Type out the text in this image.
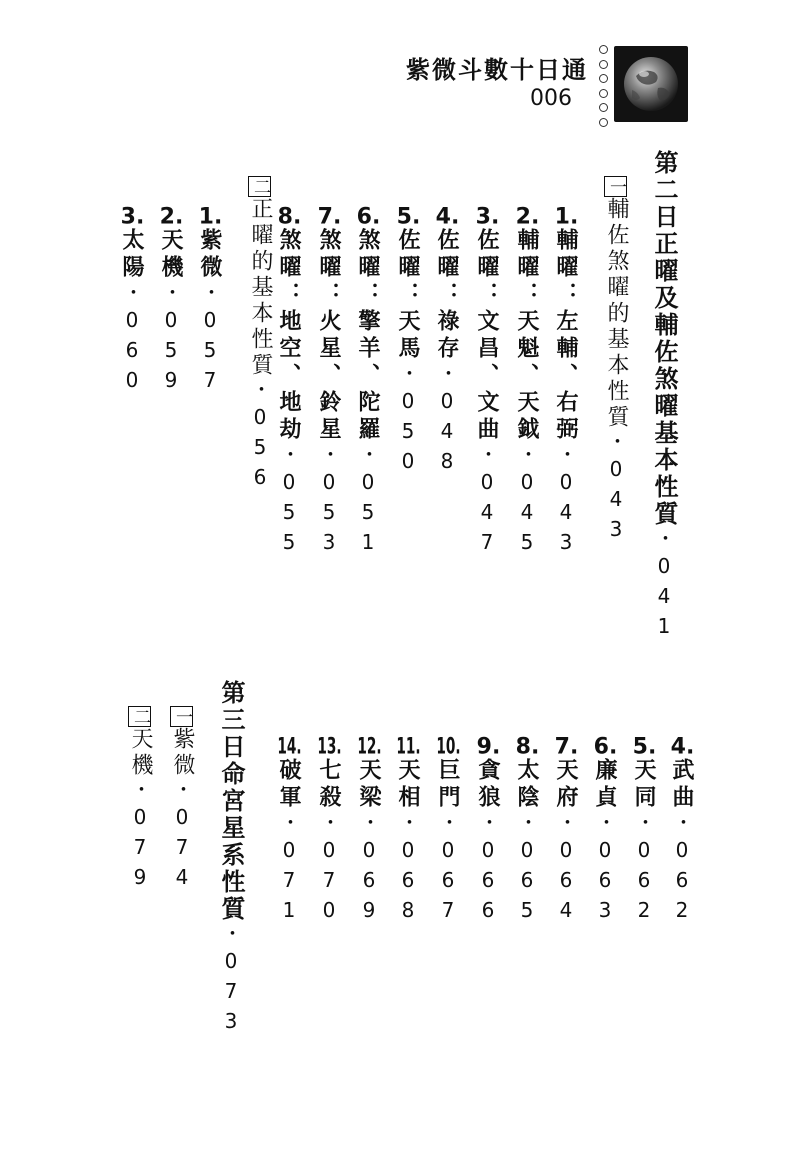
紫微斗數十日通
006
第二日正曜及輔佐煞曜基本性質・041
一輔佐煞曜的基本性質・043
1.輔曜：左輔、右弼・043
2.輔曜：天魁、天鉞・045
3.佐曜：文昌、文曲・047
4.佐曜：祿存・048
5.佐曜：天馬・050
6.煞曜：擎羊、陀羅・051
7.煞曜：火星、鈴星・053
8.煞曜：地空、地劫・055
二正曜的基本性質・056
1.紫微・057
2.天機・059
3.太陽・060
4.武曲・062
5.天同・062
6.廉貞・063
7.天府・064
8.太陰・065
9.貪狼・066
10.巨門・067
11.天相・068
12.天梁・069
13.七殺・070
14.破軍・071
第三日命宮星系性質・073
一紫微・074
二天機・079
